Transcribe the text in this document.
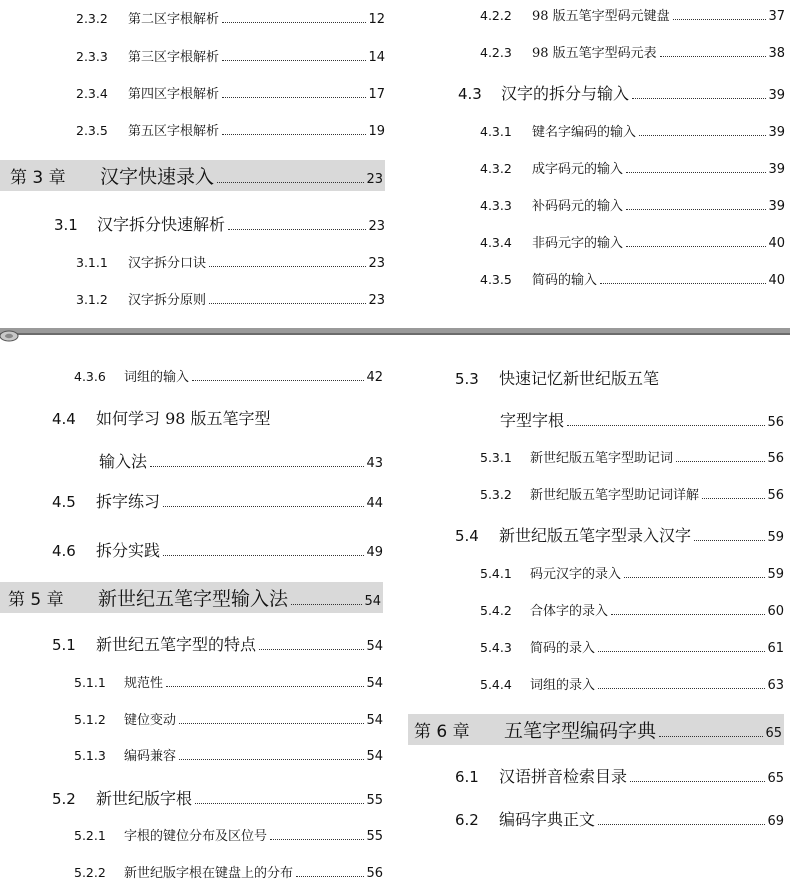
2.3.2	第二区字根解析	12
2.3.3	第三区字根解析	14
2.3.4	第四区字根解析	17
2.3.5	第五区字根解析	19
第 3 章	汉字快速录入	23
3.1	汉字拆分快速解析	23
3.1.1	汉字拆分口诀	23
3.1.2	汉字拆分原则	23
4.2.2	98 版五笔字型码元键盘	37
4.2.3	98 版五笔字型码元表	38
4.3	汉字的拆分与输入	39
4.3.1	键名字编码的输入	39
4.3.2	成字码元的输入	39
4.3.3	补码码元的输入	39
4.3.4	非码元字的输入	40
4.3.5	简码的输入	40
4.3.6	词组的输入	42
4.4	如何学习 98 版五笔字型
输入法	43
4.5	拆字练习	44
4.6	拆分实践	49
第 5 章	新世纪五笔字型输入法	54
5.1	新世纪五笔字型的特点	54
5.1.1	规范性	54
5.1.2	键位变动	54
5.1.3	编码兼容	54
5.2	新世纪版字根	55
5.2.1	字根的键位分布及区位号	55
5.2.2	新世纪版字根在键盘上的分布	56
5.3	快速记忆新世纪版五笔
字型字根	56
5.3.1	新世纪版五笔字型助记词	56
5.3.2	新世纪版五笔字型助记词详解	56
5.4	新世纪版五笔字型录入汉字	59
5.4.1	码元汉字的录入	59
5.4.2	合体字的录入	60
5.4.3	简码的录入	61
5.4.4	词组的录入	63
第 6 章	五笔字型编码字典	65
6.1	汉语拼音检索目录	65
6.2	编码字典正文	69
